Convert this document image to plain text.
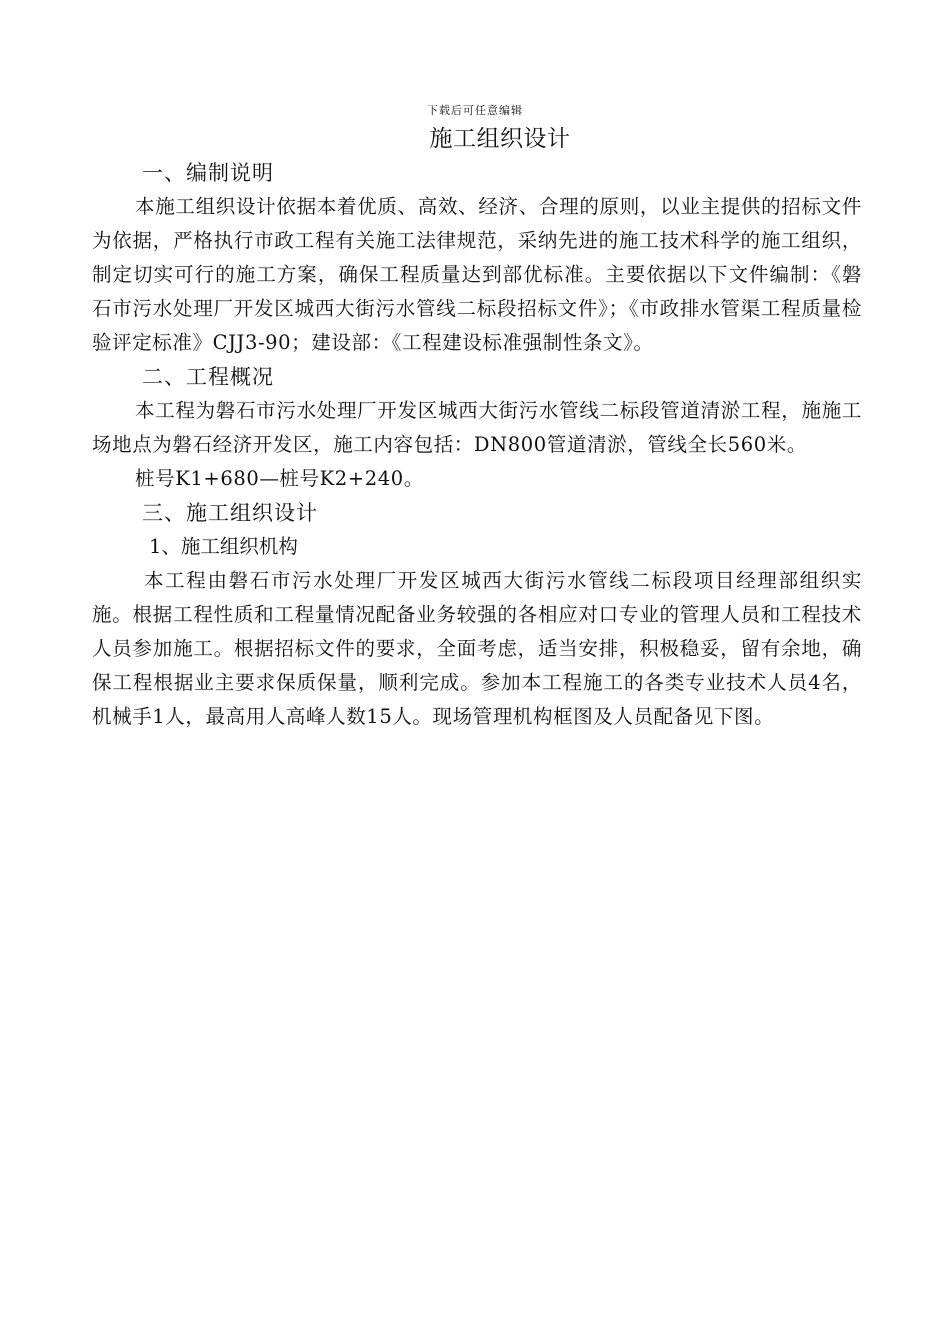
下载后可任意编辑
施工组织设计
一、编制说明

本施工组织设计依据本着优质、高效、经济、合理的原则，以业主提供的招标文件为依据，严格执行市政工程有关施工法律规范，采纳先进的施工技术科学的施工组织，制定切实可行的施工方案，确保工程质量达到部优标准。主要依据以下文件编制：《磐石市污水处理厂开发区城西大街污水管线二标段招标文件》；《市政排水管渠工程质量检验评定标准》CJJ3-90；建设部：《工程建设标准强制性条文》。

二、工程概况

本工程为磐石市污水处理厂开发区城西大街污水管线二标段管道清淤工程，施施工场地点为磐石经济开发区，施工内容包括：DN800管道清淤，管线全长560米。

桩号K1+680—桩号K2+240。

三、施工组织设计
1、施工组织机构

本工程由磐石市污水处理厂开发区城西大街污水管线二标段项目经理部组织实施。根据工程性质和工程量情况配备业务较强的各相应对口专业的管理人员和工程技术人员参加施工。根据招标文件的要求，全面考虑，适当安排，积极稳妥，留有余地，确保工程根据业主要求保质保量，顺利完成。参加本工程施工的各类专业技术人员4名，机械手1人，最高用人高峰人数15人。现场管理机构框图及人员配备见下图。
